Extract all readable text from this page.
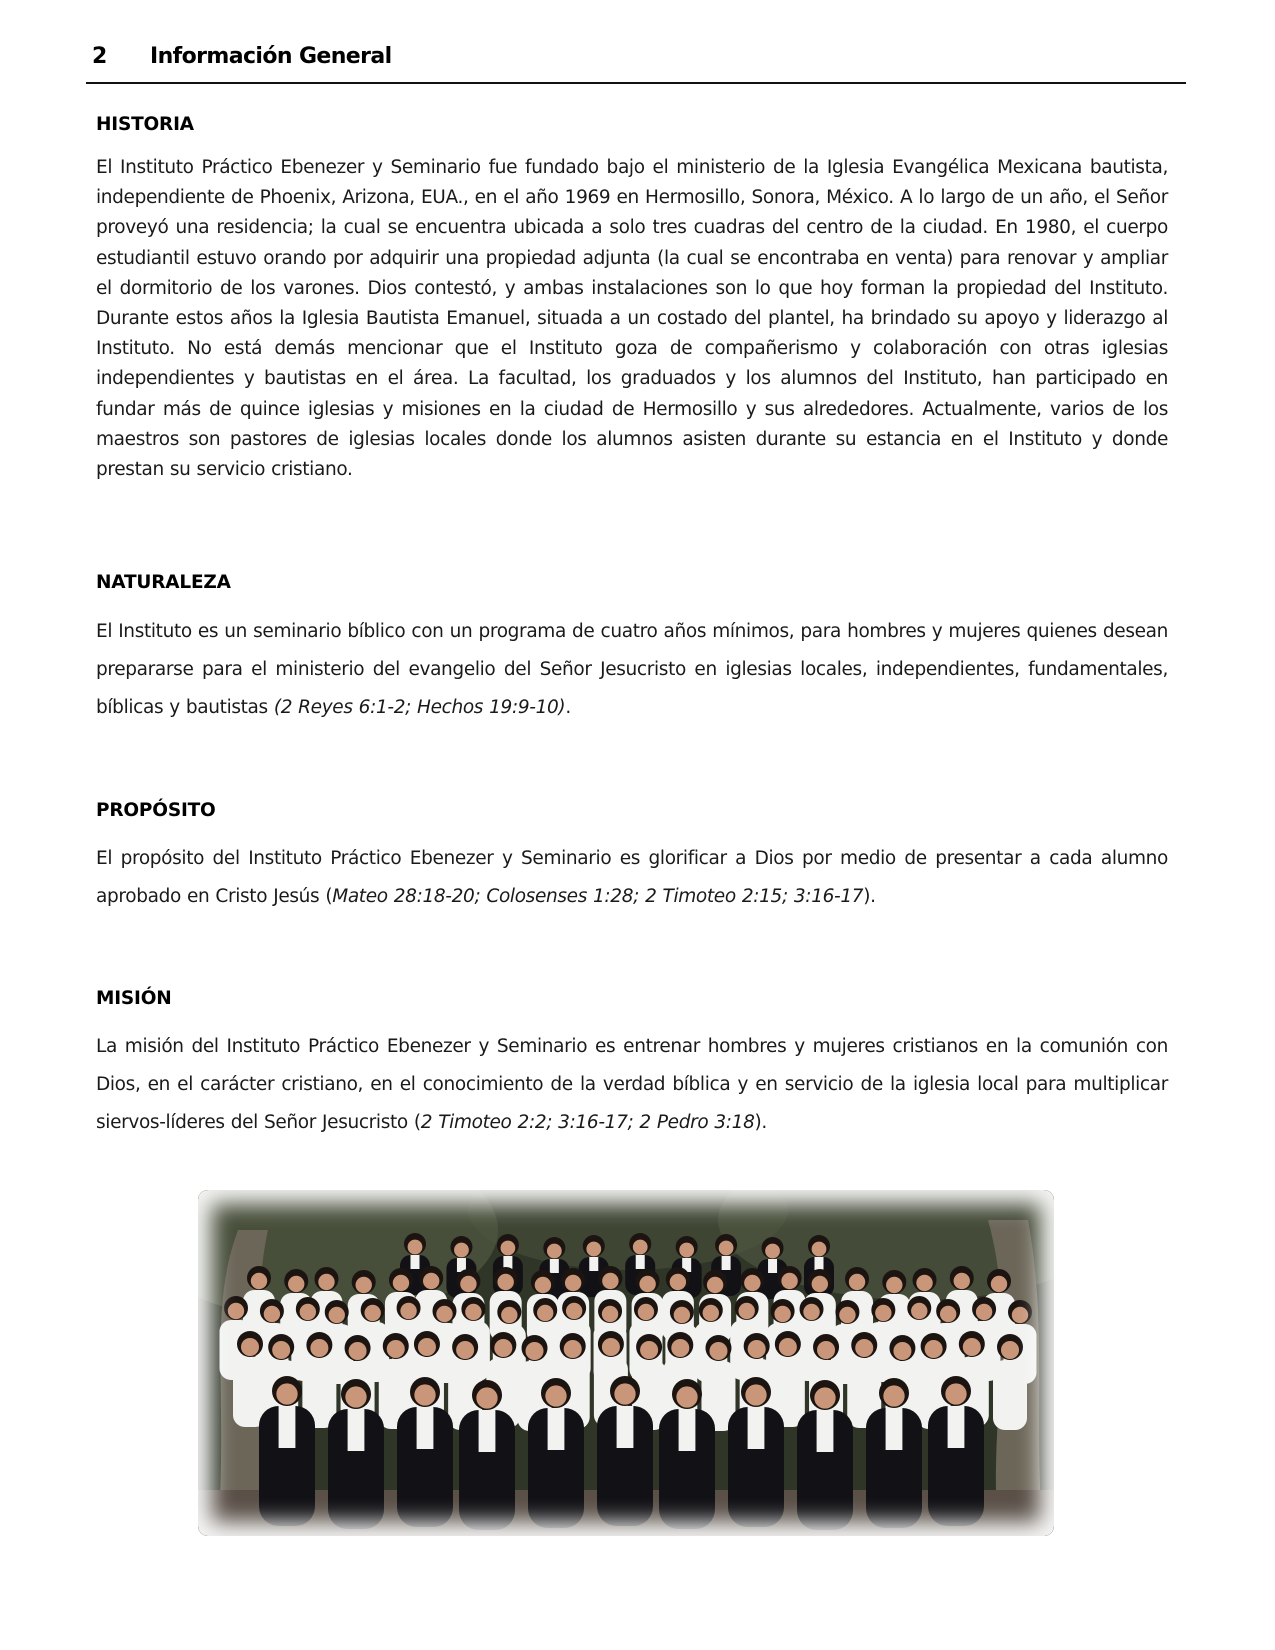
2 Información General
HISTORIA

El Instituto Práctico Ebenezer y Seminario fue fundado bajo el ministerio de la Iglesia Evangélica Mexicana bautista, independiente de Phoenix, Arizona, EUA., en el año 1969 en Hermosillo, Sonora, México. A lo largo de un año, el Señor proveyó una residencia; la cual se encuentra ubicada a solo tres cuadras del centro de la ciudad. En 1980, el cuerpo estudiantil estuvo orando por adquirir una propiedad adjunta (la cual se encontraba en venta) para renovar y ampliar el dormitorio de los varones. Dios contestó, y ambas instalaciones son lo que hoy forman la propiedad del Instituto. Durante estos años la Iglesia Bautista Emanuel, situada a un costado del plantel, ha brindado su apoyo y liderazgo al Instituto. No está demás mencionar que el Instituto goza de compañerismo y colaboración con otras iglesias independientes y bautistas en el área. La facultad, los graduados y los alumnos del Instituto, han participado en fundar más de quince iglesias y misiones en la ciudad de Hermosillo y sus alrededores. Actualmente, varios de los maestros son pastores de iglesias locales donde los alumnos asisten durante su estancia en el Instituto y donde prestan su servicio cristiano.

NATURALEZA

El Instituto es un seminario bíblico con un programa de cuatro años mínimos, para hombres y mujeres quienes desean prepararse para el ministerio del evangelio del Señor Jesucristo en iglesias locales, independientes, fundamentales, bíblicas y bautistas (2 Reyes 6:1-2; Hechos 19:9-10).

PROPÓSITO

El propósito del Instituto Práctico Ebenezer y Seminario es glorificar a Dios por medio de presentar a cada alumno aprobado en Cristo Jesús (Mateo 28:18-20; Colosenses 1:28; 2 Timoteo 2:15; 3:16-17).

MISIÓN

La misión del Instituto Práctico Ebenezer y Seminario es entrenar hombres y mujeres cristianos en la comunión con Dios, en el carácter cristiano, en el conocimiento de la verdad bíblica y en servicio de la iglesia local para multiplicar siervos-líderes del Señor Jesucristo (2 Timoteo 2:2; 3:16-17; 2 Pedro 3:18).
